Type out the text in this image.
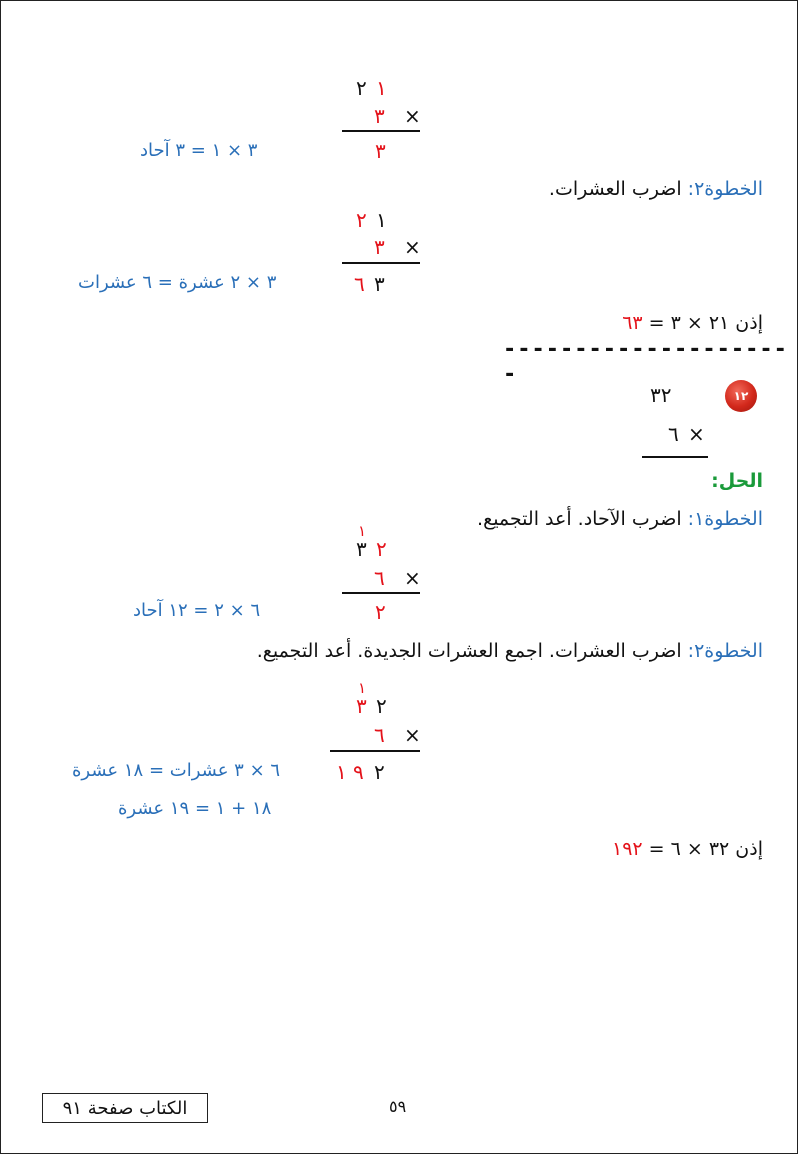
٢ ١
٣ ×
٣
٣ × ١ = ٣ آحاد
الخطوة٢: اضرب العشرات.
٢ ١
٣ ×
٦ ٣
٣ × ٢ عشرة = ٦ عشرات
إذن ٢١ × ٣ = ٦٣
---------------------
١٢
٣٢
٦ ×
الحل:
الخطوة١: اضرب الآحاد. أعد التجميع.
١
٣ ٢
٦ ×
٢
٦ × ٢ = ١٢ آحاد
الخطوة٢: اضرب العشرات. اجمع العشرات الجديدة. أعد التجميع.
١
٣ ٢
٦ ×
١ ٩ ٢
٦ × ٣ عشرات = ١٨ عشرة
١٨ + ١ = ١٩ عشرة
إذن ٣٢ × ٦ = ١٩٢
الكتاب صفحة ٩١	٥٩
